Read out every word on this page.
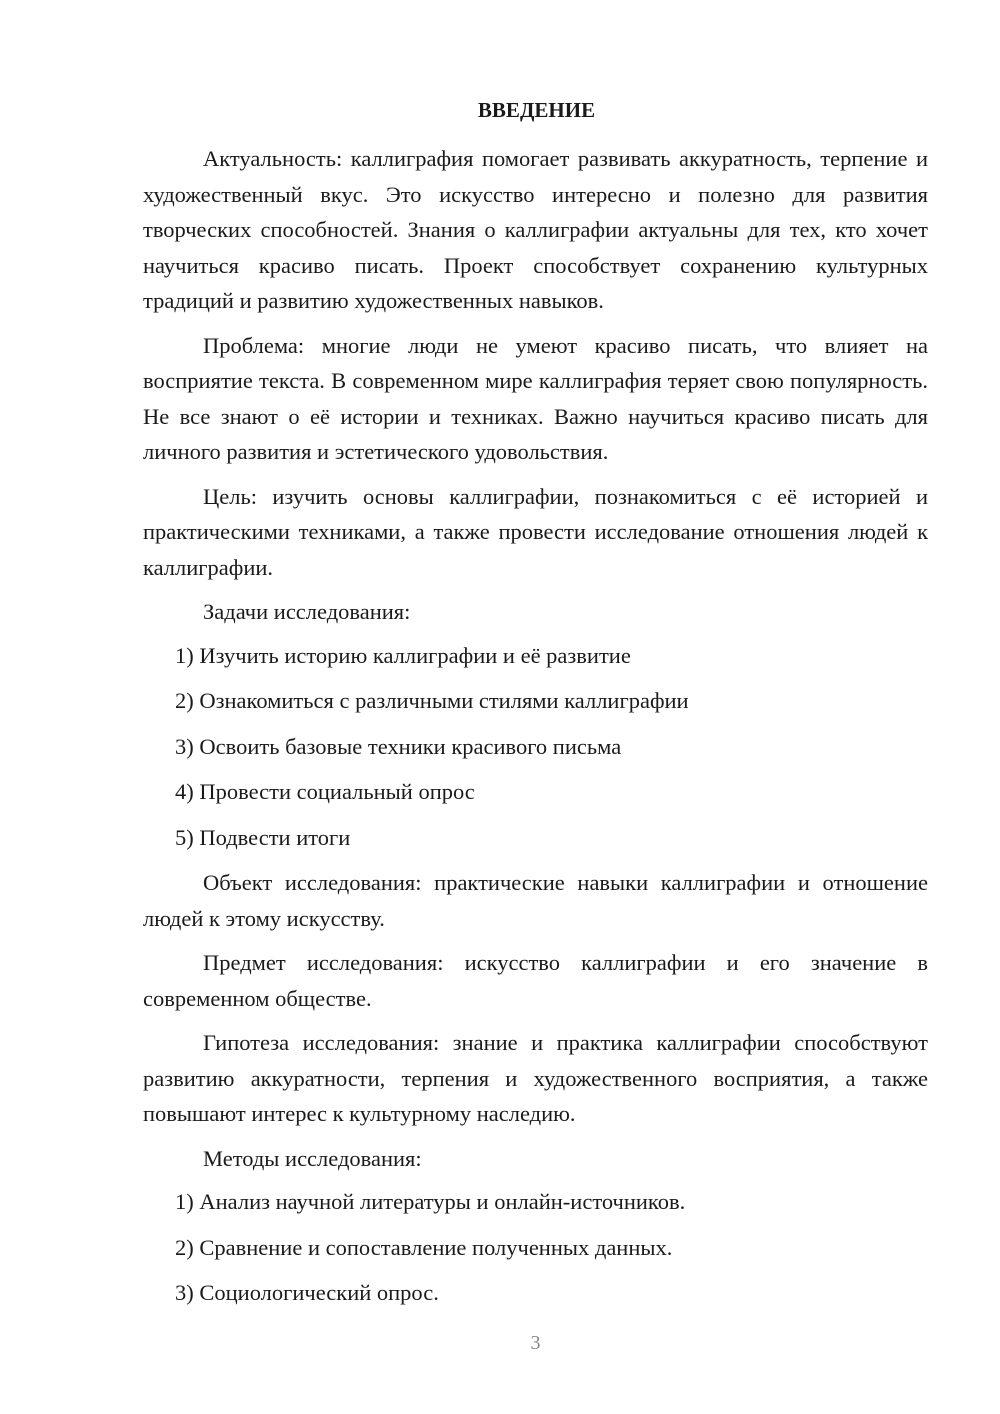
ВВЕДЕНИЕ

Актуальность: каллиграфия помогает развивать аккуратность, терпение и художественный вкус. Это искусство интересно и полезно для развития творческих способностей. Знания о каллиграфии актуальны для тех, кто хочет научиться красиво писать. Проект способствует сохранению культурных традиций и развитию художественных навыков.

Проблема: многие люди не умеют красиво писать, что влияет на восприятие текста. В современном мире каллиграфия теряет свою популярность. Не все знают о её истории и техниках. Важно научиться красиво писать для личного развития и эстетического удовольствия.

Цель: изучить основы каллиграфии, познакомиться с её историей и практическими техниками, а также провести исследование отношения людей к каллиграфии.

Задачи исследования:

1) Изучить историю каллиграфии и её развитие
2) Ознакомиться с различными стилями каллиграфии
3) Освоить базовые техники красивого письма
4) Провести социальный опрос
5) Подвести итоги

Объект исследования: практические навыки каллиграфии и отношение людей к этому искусству.

Предмет исследования: искусство каллиграфии и его значение в современном обществе.

Гипотеза исследования: знание и практика каллиграфии способствуют развитию аккуратности, терпения и художественного восприятия, а также повышают интерес к культурному наследию.

Методы исследования:

1) Анализ научной литературы и онлайн-источников.
2) Сравнение и сопоставление полученных данных.
3) Социологический опрос.
3
